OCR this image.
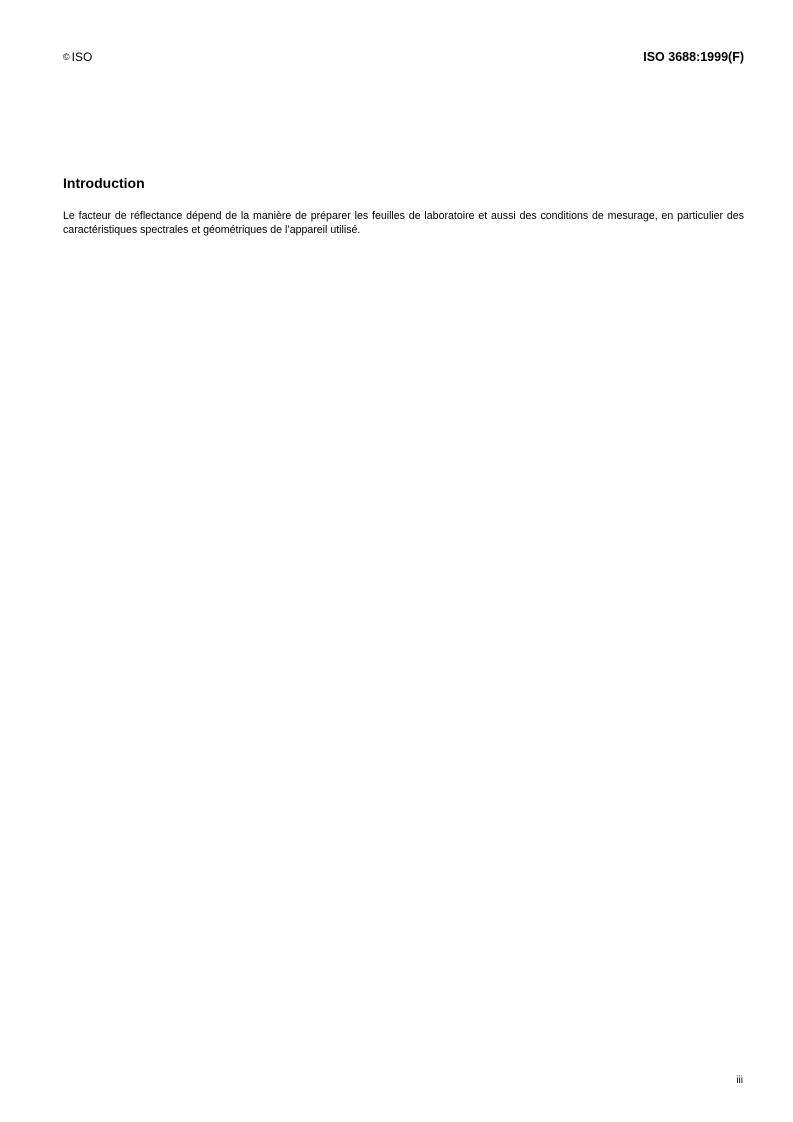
© ISO	ISO 3688:1999(F)
Introduction

Le facteur de réflectance dépend de la manière de préparer les feuilles de laboratoire et aussi des conditions de mesurage, en particulier des caractéristiques spectrales et géométriques de l’appareil utilisé.

iii
